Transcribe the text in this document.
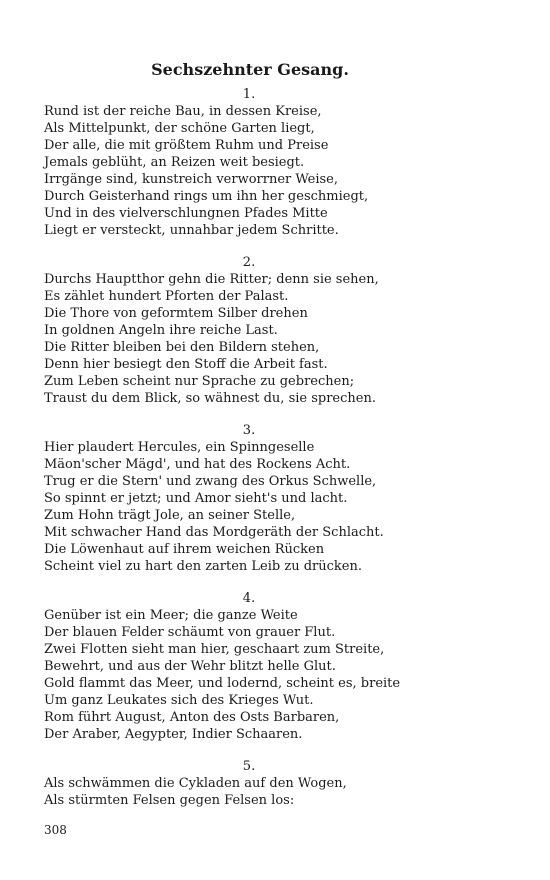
Sechszehnter Gesang.
1.
Rund ist der reiche Bau, in dessen Kreise,
Als Mittelpunkt, der schöne Garten liegt,
Der alle, die mit größtem Ruhm und Preise
Jemals geblüht, an Reizen weit besiegt.
Irrgänge sind, kunstreich verworrner Weise,
Durch Geisterhand rings um ihn her geschmiegt,
Und in des vielverschlungnen Pfades Mitte
Liegt er versteckt, unnahbar jedem Schritte.
2.
Durchs Hauptthor gehn die Ritter; denn sie sehen,
Es zählet hundert Pforten der Palast.
Die Thore von geformtem Silber drehen
In goldnen Angeln ihre reiche Last.
Die Ritter bleiben bei den Bildern stehen,
Denn hier besiegt den Stoff die Arbeit fast.
Zum Leben scheint nur Sprache zu gebrechen;
Traust du dem Blick, so wähnest du, sie sprechen.
3.
Hier plaudert Hercules, ein Spinngeselle
Mäon'scher Mägd', und hat des Rockens Acht.
Trug er die Stern' und zwang des Orkus Schwelle,
So spinnt er jetzt; und Amor sieht's und lacht.
Zum Hohn trägt Jole, an seiner Stelle,
Mit schwacher Hand das Mordgeräth der Schlacht.
Die Löwenhaut auf ihrem weichen Rücken
Scheint viel zu hart den zarten Leib zu drücken.
4.
Genüber ist ein Meer; die ganze Weite
Der blauen Felder schäumt von grauer Flut.
Zwei Flotten sieht man hier, geschaart zum Streite,
Bewehrt, und aus der Wehr blitzt helle Glut.
Gold flammt das Meer, und lodernd, scheint es, breite
Um ganz Leukates sich des Krieges Wut.
Rom führt August, Anton des Osts Barbaren,
Der Araber, Aegypter, Indier Schaaren.
5.
Als schwämmen die Cykladen auf den Wogen,
Als stürmten Felsen gegen Felsen los:
308
